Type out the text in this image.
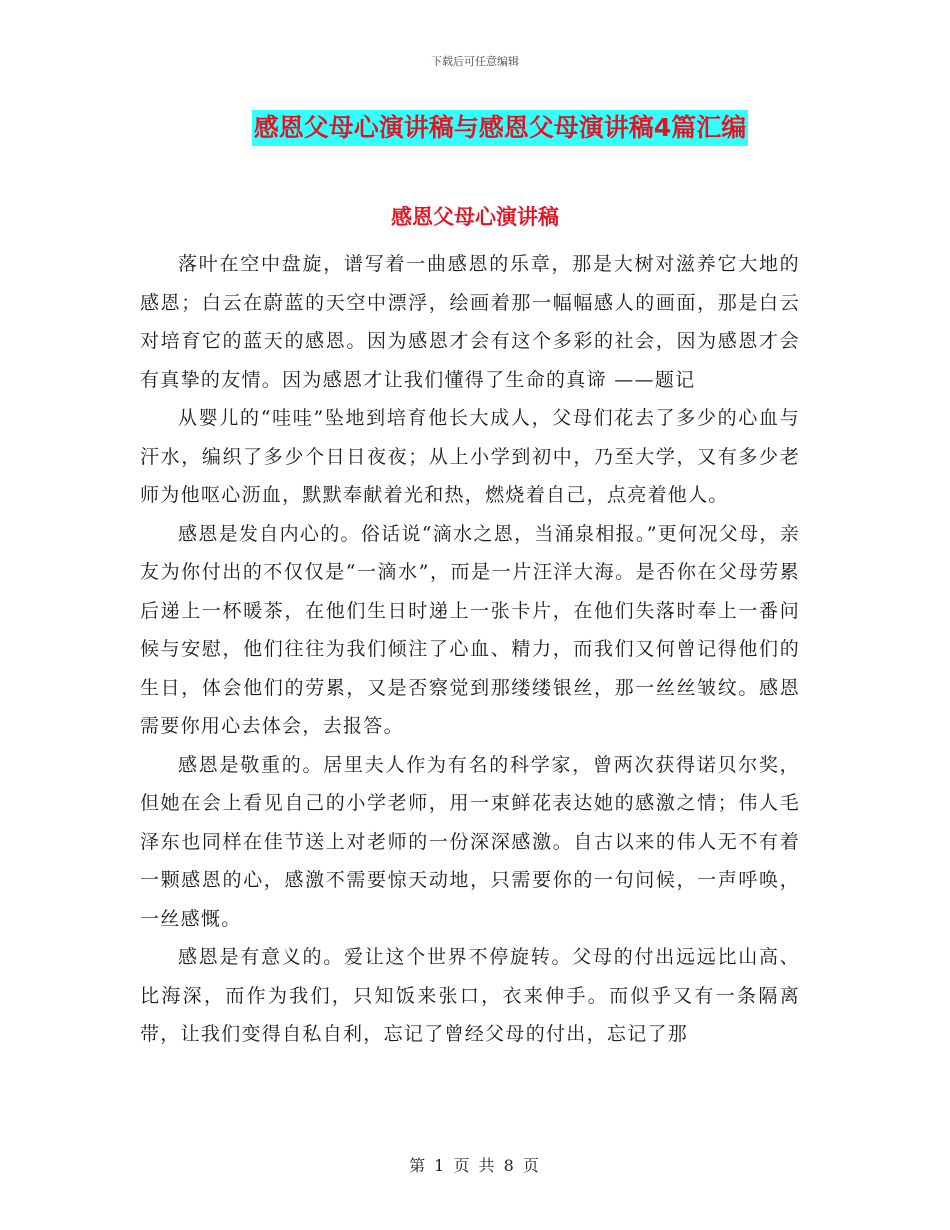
下载后可任意编辑
感恩父母心演讲稿与感恩父母演讲稿4篇汇编
感恩父母心演讲稿

落叶在空中盘旋，谱写着一曲感恩的乐章，那是大树对滋养它大地的感恩；白云在蔚蓝的天空中漂浮，绘画着那一幅幅感人的画面，那是白云对培育它的蓝天的感恩。因为感恩才会有这个多彩的社会，因为感恩才会有真挚的友情。因为感恩才让我们懂得了生命的真谛 ——题记

从婴儿的“哇哇”坠地到培育他长大成人，父母们花去了多少的心血与汗水，编织了多少个日日夜夜；从上小学到初中，乃至大学，又有多少老师为他呕心沥血，默默奉献着光和热，燃烧着自己，点亮着他人。

感恩是发自内心的。俗话说“滴水之恩，当涌泉相报。”更何况父母，亲友为你付出的不仅仅是“一滴水”，而是一片汪洋大海。是否你在父母劳累后递上一杯暖茶，在他们生日时递上一张卡片，在他们失落时奉上一番问候与安慰，他们往往为我们倾注了心血、精力，而我们又何曾记得他们的生日，体会他们的劳累，又是否察觉到那缕缕银丝，那一丝丝皱纹。感恩需要你用心去体会，去报答。

感恩是敬重的。居里夫人作为有名的科学家，曾两次获得诺贝尔奖，但她在会上看见自己的小学老师，用一束鲜花表达她的感激之情；伟人毛泽东也同样在佳节送上对老师的一份深深感激。自古以来的伟人无不有着一颗感恩的心，感激不需要惊天动地，只需要你的一句问候，一声呼唤，一丝感慨。

感恩是有意义的。爱让这个世界不停旋转。父母的付出远远比山高、比海深，而作为我们，只知饭来张口，衣来伸手。而似乎又有一条隔离带，让我们变得自私自利，忘记了曾经父母的付出，忘记了那

第 1 页 共 8 页
